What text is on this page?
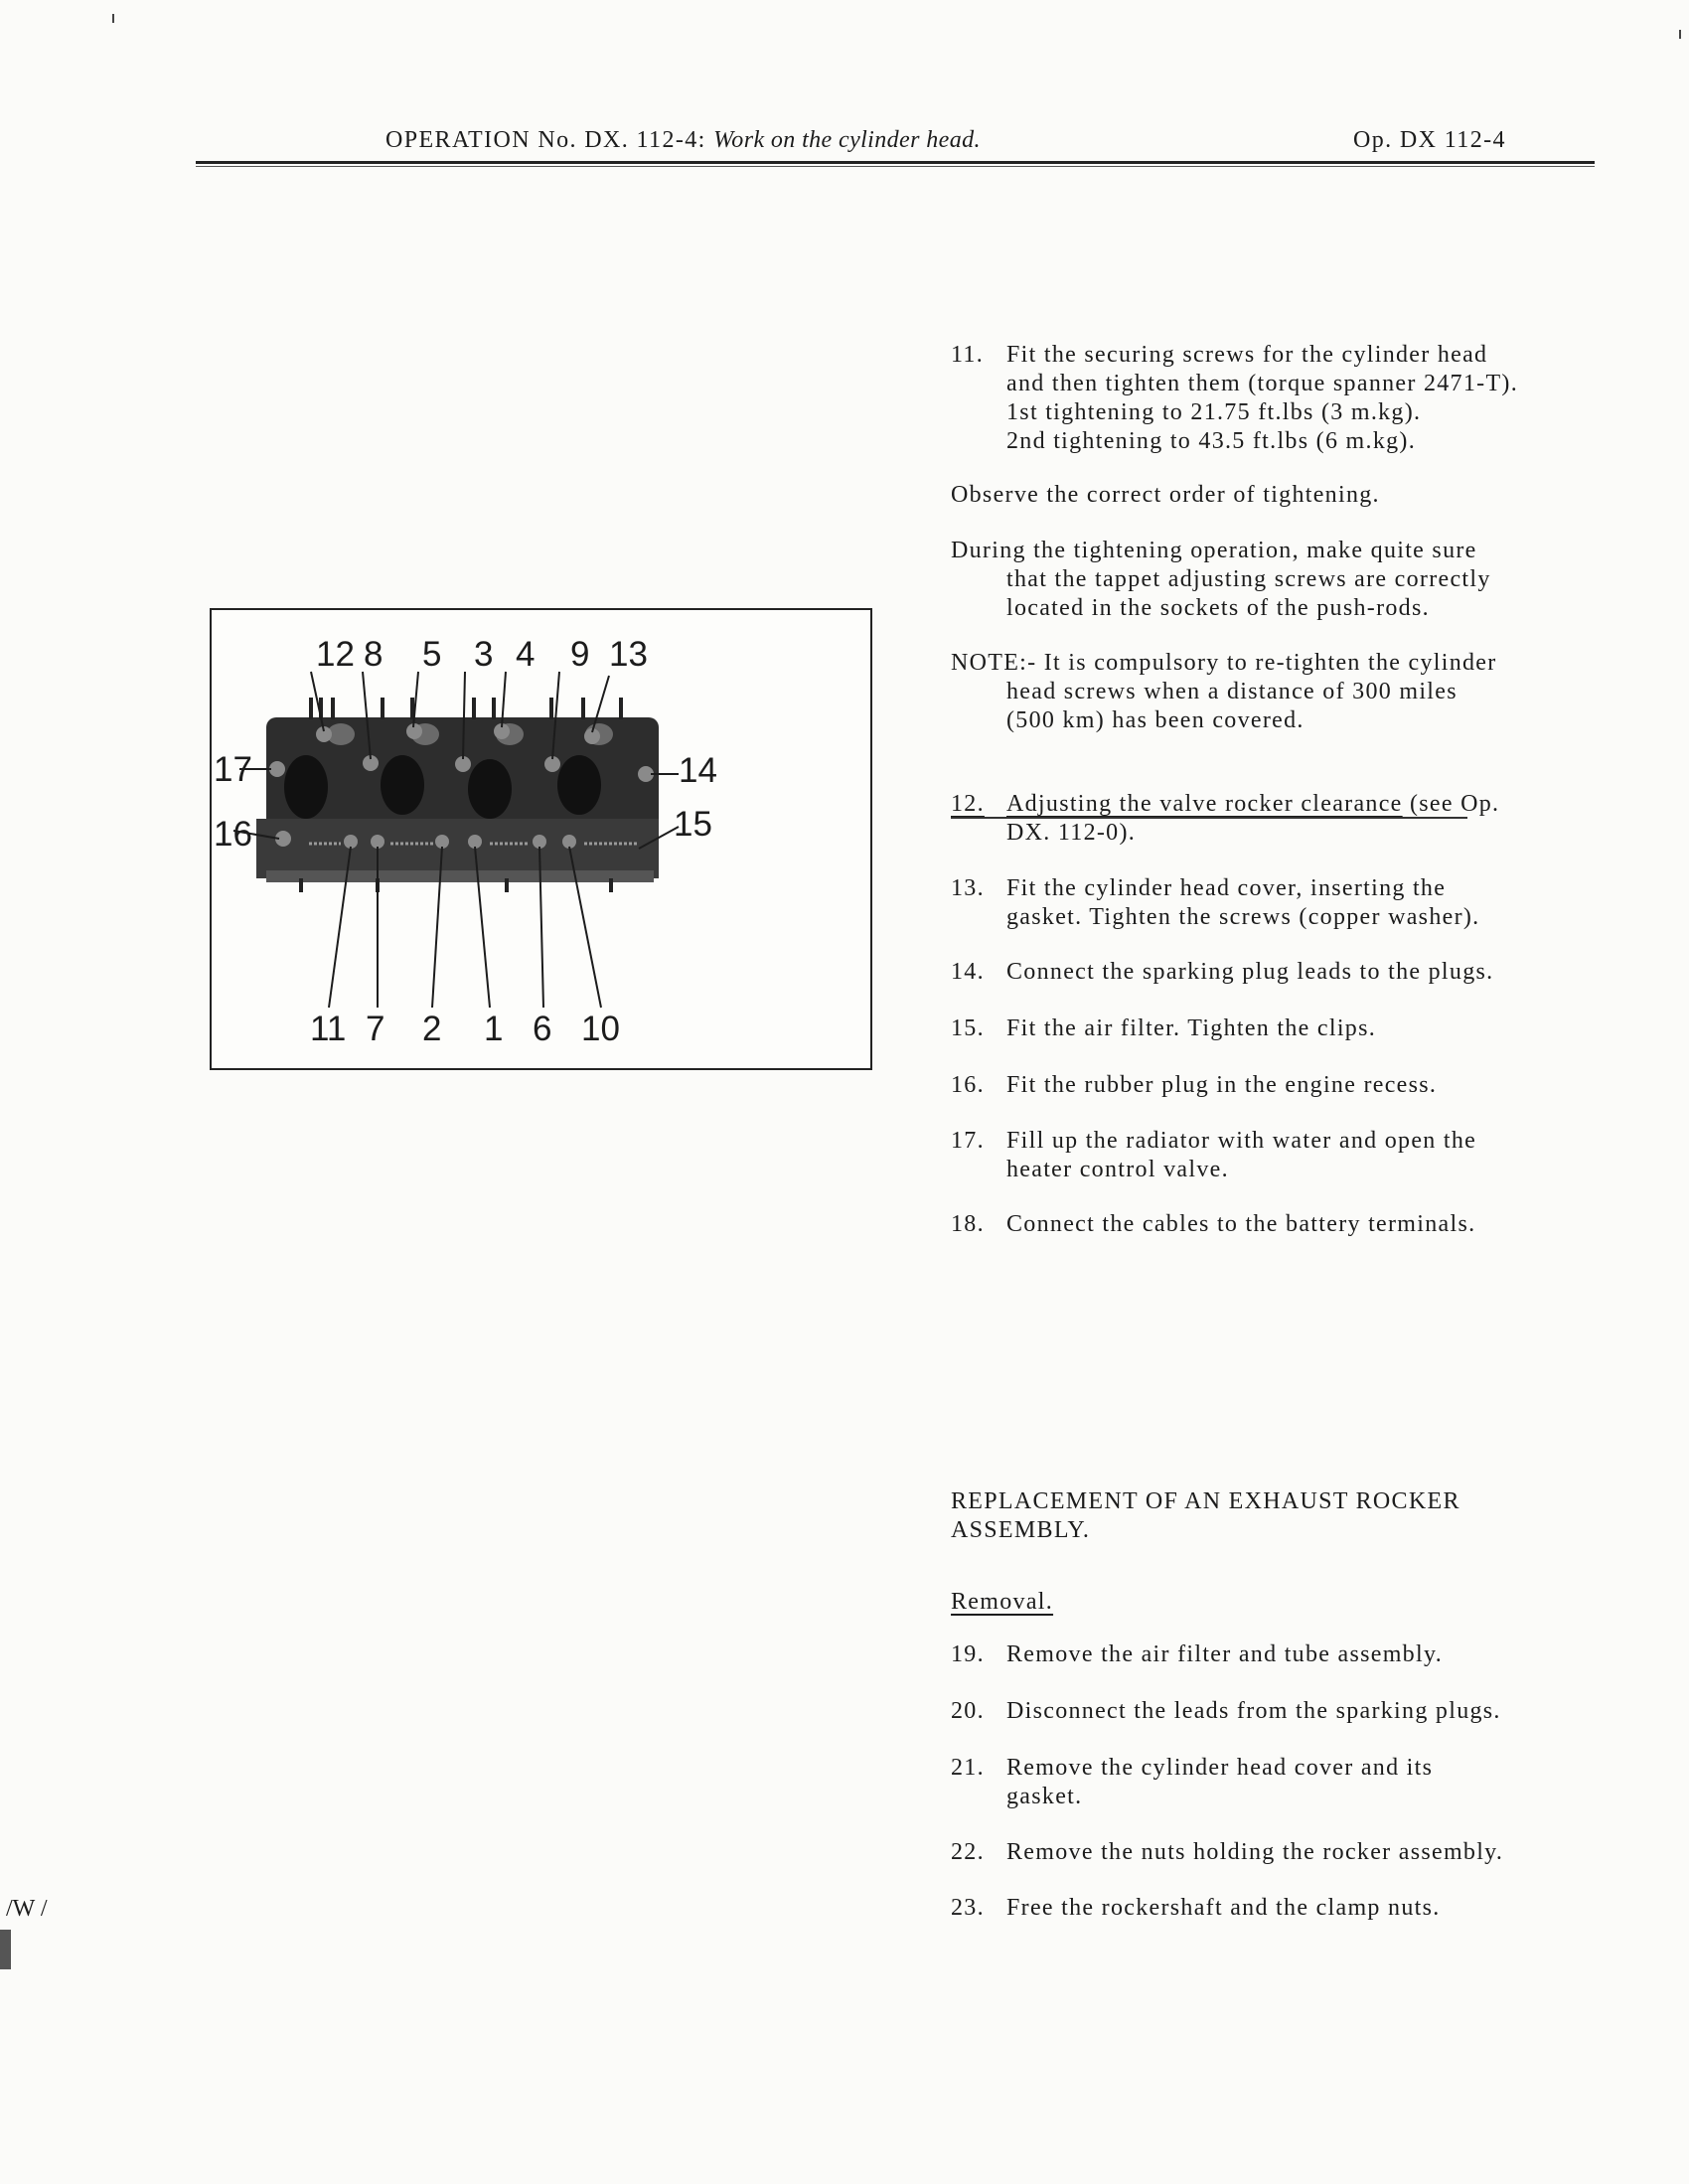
OPERATION No. DX. 112-4: Work on the cylinder head.	Op. DX 112-4
12 8 5 3 4 9 13
17
16
14
15
11 7 2 1 6 10
11. Fit the securing screws for the cylinder head
and then tighten them (torque spanner 2471-T).
1st tightening to 21.75 ft.lbs (3 m.kg).
2nd tightening to 43.5 ft.lbs (6 m.kg).
Observe the correct order of tightening.
During the tightening operation, make quite sure
that the tappet adjusting screws are correctly
located in the sockets of the push-rods.
NOTE:- It is compulsory to re-tighten the cylinder
head screws when a distance of 300 miles
(500 km) has been covered.
12. Adjusting the valve rocker clearance (see Op.
DX. 112-0).
13. Fit the cylinder head cover, inserting the
gasket. Tighten the screws (copper washer).
14. Connect the sparking plug leads to the plugs.
15. Fit the air filter. Tighten the clips.
16. Fit the rubber plug in the engine recess.
17. Fill up the radiator with water and open the
heater control valve.
18. Connect the cables to the battery terminals.
REPLACEMENT OF AN EXHAUST ROCKER
ASSEMBLY.
Removal.
19. Remove the air filter and tube assembly.
20. Disconnect the leads from the sparking plugs.
21. Remove the cylinder head cover and its
gasket.
22. Remove the nuts holding the rocker assembly.
23. Free the rockershaft and the clamp nuts.
/W /
